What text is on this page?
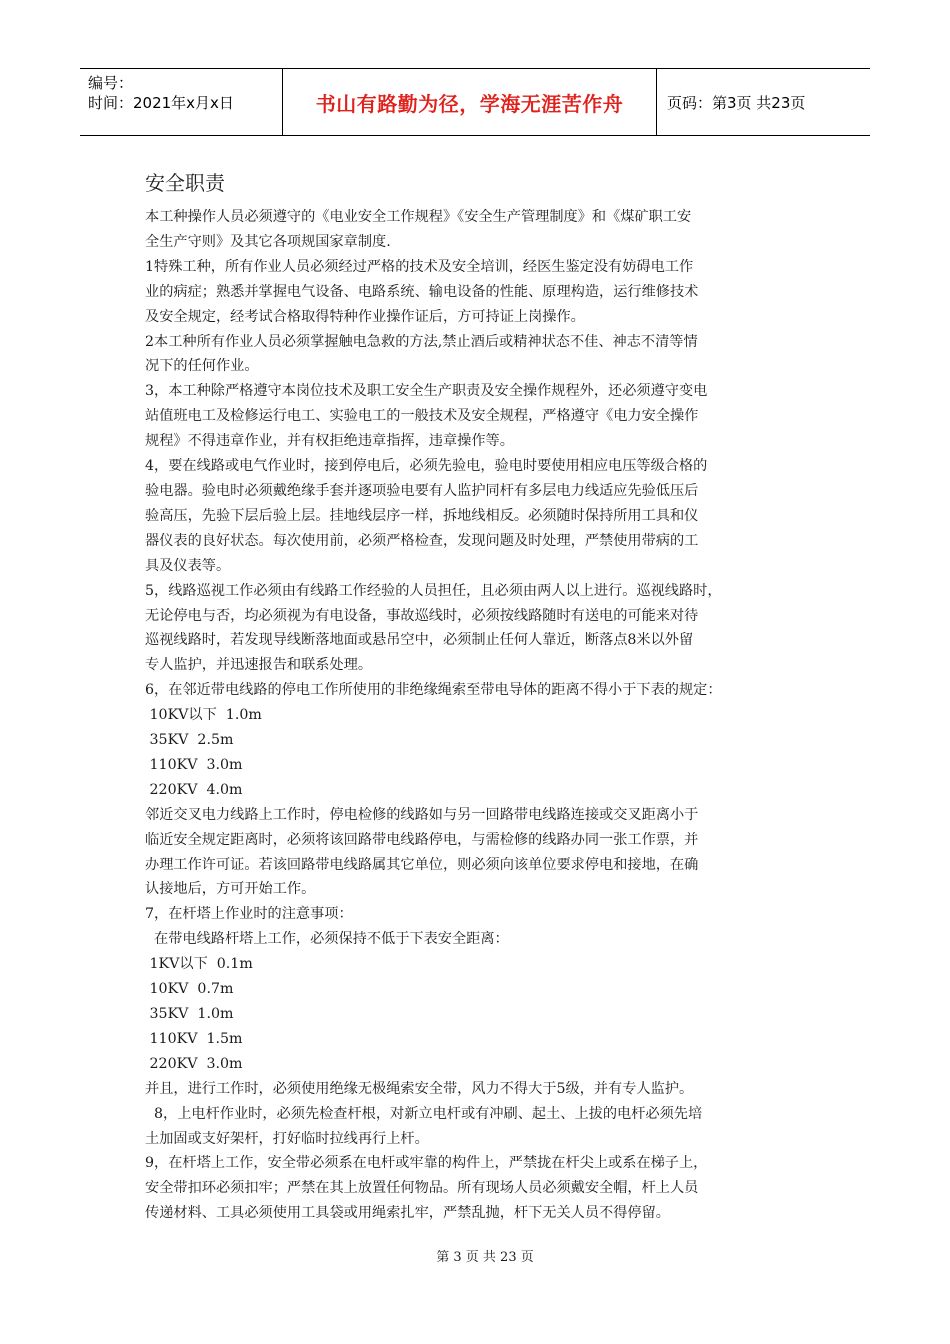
编号：
时间：2021年x月x日	书山有路勤为径，学海无涯苦作舟	页码：第3页 共23页
安全职责
本工种操作人员必须遵守的《电业安全工作规程》《安全生产管理制度》和《煤矿职工安
全生产守则》及其它各项规国家章制度.
1特殊工种，所有作业人员必须经过严格的技术及安全培训，经医生鉴定没有妨碍电工作
业的病症；熟悉并掌握电气设备、电路系统、输电设备的性能、原理构造，运行维修技术
及安全规定，经考试合格取得特种作业操作证后，方可持证上岗操作。
2本工种所有作业人员必须掌握触电急救的方法,禁止酒后或精神状态不佳、神志不清等情
况下的任何作业。
3，本工种除严格遵守本岗位技术及职工安全生产职责及安全操作规程外，还必须遵守变电
站值班电工及检修运行电工、实验电工的一般技术及安全规程，严格遵守《电力安全操作
规程》不得违章作业，并有权拒绝违章指挥，违章操作等。
4，要在线路或电气作业时，接到停电后，必须先验电，验电时要使用相应电压等级合格的
验电器。验电时必须戴绝缘手套并逐项验电要有人监护同杆有多层电力线适应先验低压后
验高压，先验下层后验上层。挂地线层序一样，拆地线相反。必须随时保持所用工具和仪
器仪表的良好状态。每次使用前，必须严格检查，发现问题及时处理，严禁使用带病的工
具及仪表等。
5，线路巡视工作必须由有线路工作经验的人员担任，且必须由两人以上进行。巡视线路时，
无论停电与否，均必须视为有电设备，事故巡线时，必须按线路随时有送电的可能来对待
巡视线路时，若发现导线断落地面或悬吊空中，必须制止任何人靠近，断落点8米以外留
专人监护，并迅速报告和联系处理。
6，在邻近带电线路的停电工作所使用的非绝缘绳索至带电导体的距离不得小于下表的规定：
10KV以下  1.0m
35KV  2.5m
110KV  3.0m
220KV  4.0m
邻近交叉电力线路上工作时，停电检修的线路如与另一回路带电线路连接或交叉距离小于
临近安全规定距离时，必须将该回路带电线路停电，与需检修的线路办同一张工作票，并
办理工作许可证。若该回路带电线路属其它单位，则必须向该单位要求停电和接地，在确
认接地后，方可开始工作。
7，在杆塔上作业时的注意事项：
在带电线路杆塔上工作，必须保持不低于下表安全距离：
1KV以下  0.1m
10KV  0.7m
35KV  1.0m
110KV  1.5m
220KV  3.0m
并且，进行工作时，必须使用绝缘无极绳索安全带，风力不得大于5级，并有专人监护。
8，上电杆作业时，必须先检查杆根，对新立电杆或有冲刷、起土、上拔的电杆必须先培
土加固或支好架杆，打好临时拉线再行上杆。
9，在杆塔上工作，安全带必须系在电杆或牢靠的构件上，严禁拢在杆尖上或系在梯子上，
安全带扣环必须扣牢；严禁在其上放置任何物品。所有现场人员必须戴安全帽，杆上人员
传递材料、工具必须使用工具袋或用绳索扎牢，严禁乱抛，杆下无关人员不得停留。
第 3 页 共 23 页
